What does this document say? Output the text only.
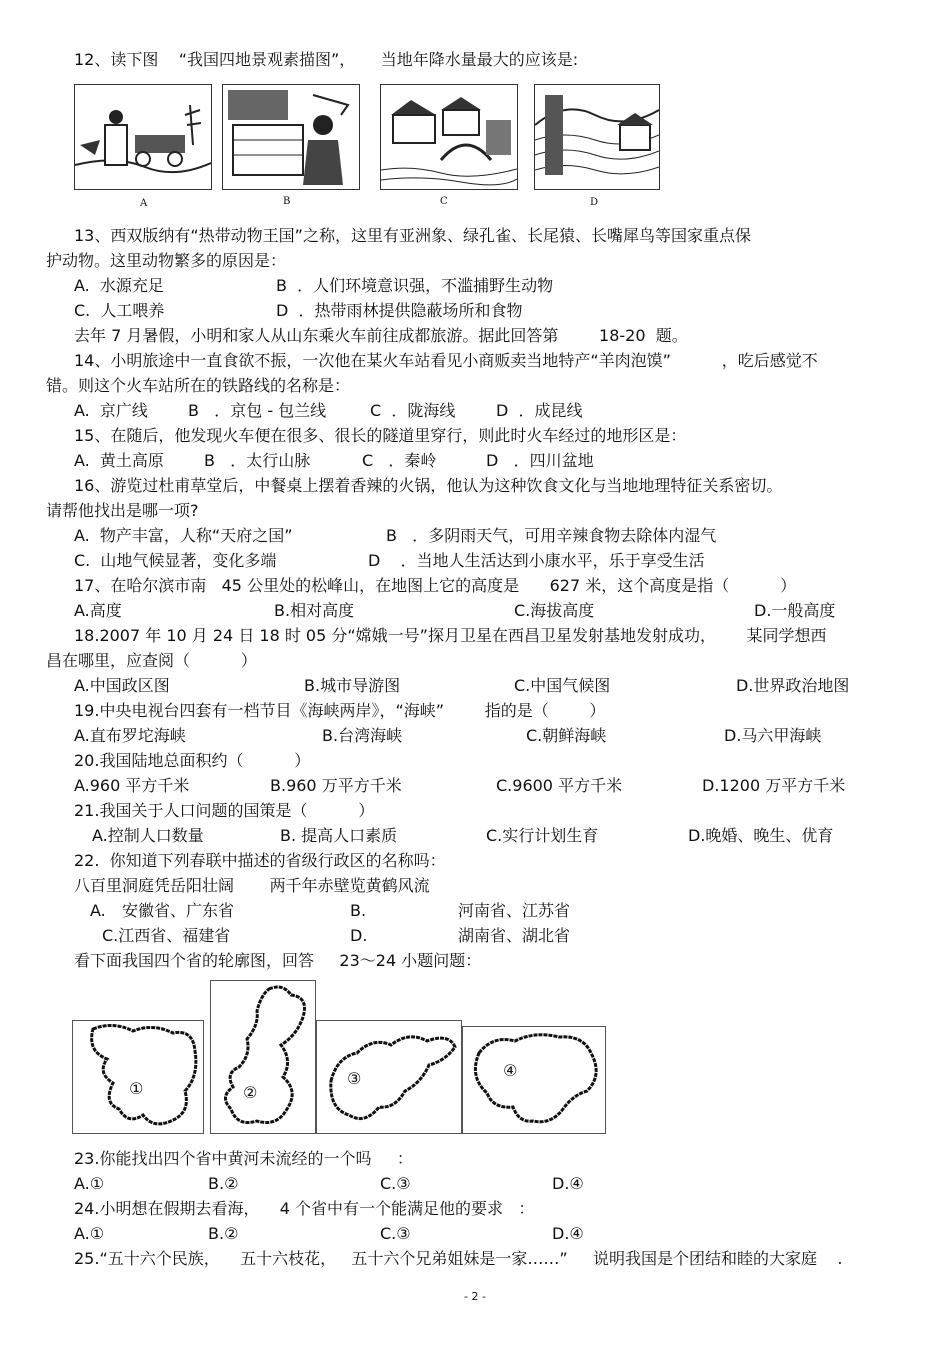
12、读下图    “我国四地景观素描图”，     当地年降水量最大的应该是:
A	B	C	D
13、西双版纳有“热带动物王国”之称，这里有亚洲象、绿孔雀、长尾猿、长嘴犀鸟等国家重点保
护动物。这里动物繁多的原因是：
A.  水源充足	B  ．人们环境意识强，不滥捕野生动物
C.  人工喂养	D  ．热带雨林提供隐蔽场所和食物
去年 7 月暑假，小明和家人从山东乘火车前往成都旅游。据此回答第        18-20  题。
14、小明旅途中一直食欲不振，一次他在某火车站看见小商贩卖当地特产“羊肉泡馍”          ，吃后感觉不
错。则这个火车站所在的铁路线的名称是：
A.  京广线	B   ．京包 - 包兰线	C  ．陇海线	D  ．成昆线
15、在随后，他发现火车便在很多、很长的隧道里穿行，则此时火车经过的地形区是：
A.  黄土高原	B   ．太行山脉	C   ．秦岭	D   ．四川盆地
16、游览过杜甫草堂后，中餐桌上摆着香辣的火锅，他认为这种饮食文化与当地地理特征关系密切。
请帮他找出是哪一项?
A.  物产丰富，人称“天府之国”	B   ．多阴雨天气，可用辛辣食物去除体内湿气
C.  山地气候显著，变化多端	D    ．当地人生活达到小康水平，乐于享受生活
17、在哈尔滨市南   45 公里处的松峰山，在地图上它的高度是      627 米，这个高度是指（          ）
A.高度	B.相对高度	C.海拔高度	D.一般高度
18.2007 年 10 月 24 日 18 时 05 分“嫦娥一号”探月卫星在西昌卫星发射基地发射成功，      某同学想西
昌在哪里，应查阅（          ）
A.中国政区图	B.城市导游图	C.中国气候图	D.世界政治地图
19.中央电视台四套有一档节目《海峡两岸》，“海峡”        指的是（        ）
A.直布罗坨海峡	B.台湾海峡	C.朝鲜海峡	D.马六甲海峡
20.我国陆地总面积约（          ）
A.960 平方千米	B.960 万平方千米	C.9600 平方千米	D.1200 万平方千米
21.我国关于人口问题的国策是（          ）
A.控制人口数量	B. 提高人口素质	C.实行计划生育	D.晚婚、晚生、优育
22.  你知道下列春联中描述的省级行政区的名称吗：
八百里洞庭凭岳阳壮阔       两千年赤壁览黄鹤风流
A. 安徽省、广东省	B.	河南省、江苏省
C.江西省、福建省	D.	湖南省、湖北省
看下面我国四个省的轮廓图，回答     23～24 小题问题：
①	②
③	④
23.你能找出四个省中黄河未流经的一个吗     ：
A.①	B.②	C.③	D.④
24.小明想在假期去看海，    4 个省中有一个能满足他的要求   ：
A.①	B.②	C.③	D.④
25.“五十六个民族，    五十六枝花，   五十六个兄弟姐妹是一家……”     说明我国是个团结和睦的大家庭    .
- 2 -
